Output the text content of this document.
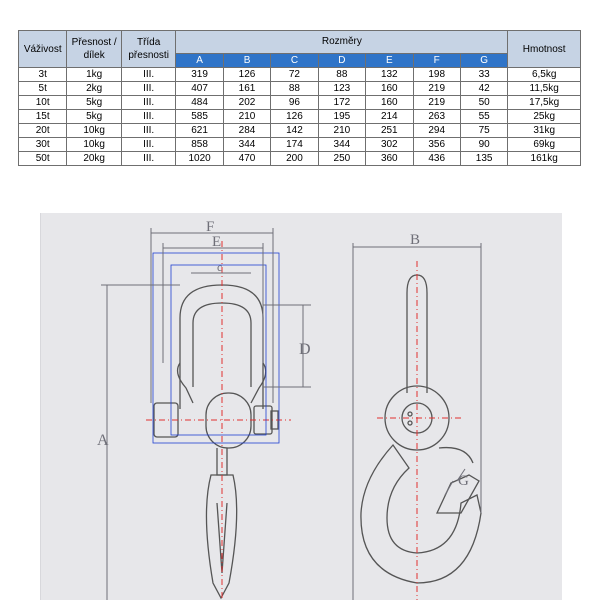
Váživost	Přesnost / dílek	Třída přesnosti	Rozměry							Hmotnost
			A	B	C	D	E	F	G	
3t	1kg	III.	319	126	72	88	132	198	33	6,5kg
5t	2kg	III.	407	161	88	123	160	219	42	11,5kg
10t	5kg	III.	484	202	96	172	160	219	50	17,5kg
15t	5kg	III.	585	210	126	195	214	263	55	25kg
20t	10kg	III.	621	284	142	210	251	294	75	31kg
30t	10kg	III.	858	344	174	344	302	356	90	69kg
50t	20kg	III.	1020	470	200	250	360	436	135	161kg
F
E
c
A
D
B
G
